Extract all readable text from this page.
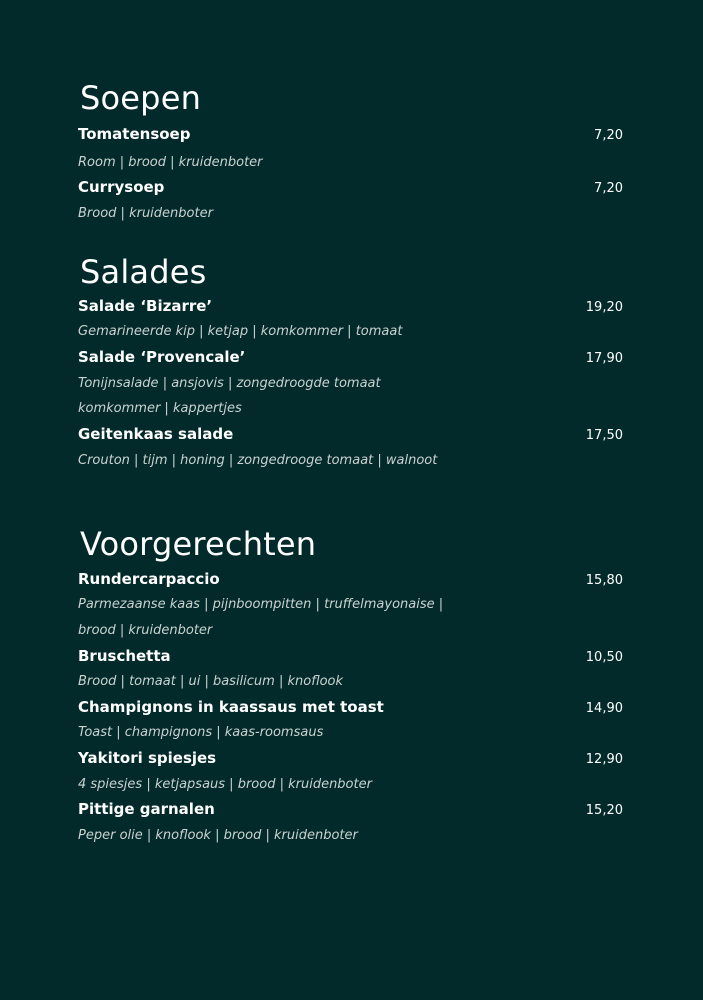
Soepen
Tomatensoep	7,20
Room | brood | kruidenboter
Currysoep	7,20
Brood | kruidenboter
Salades
Salade ‘Bizarre’	19,20
Gemarineerde kip | ketjap | komkommer | tomaat
Salade ‘Provencale’	17,90
Tonijnsalade | ansjovis | zongedroogde tomaat
komkommer | kappertjes
Geitenkaas salade	17,50
Crouton | tijm | honing | zongedrooge tomaat | walnoot
Voorgerechten
Rundercarpaccio	15,80
Parmezaanse kaas | pijnboompitten | truffelmayonaise |
brood | kruidenboter
Bruschetta	10,50
Brood | tomaat | ui | basilicum | knoflook
Champignons in kaassaus met toast	14,90
Toast | champignons | kaas-roomsaus
Yakitori spiesjes	12,90
4 spiesjes | ketjapsaus | brood | kruidenboter
Pittige garnalen	15,20
Peper olie | knoflook | brood | kruidenboter
